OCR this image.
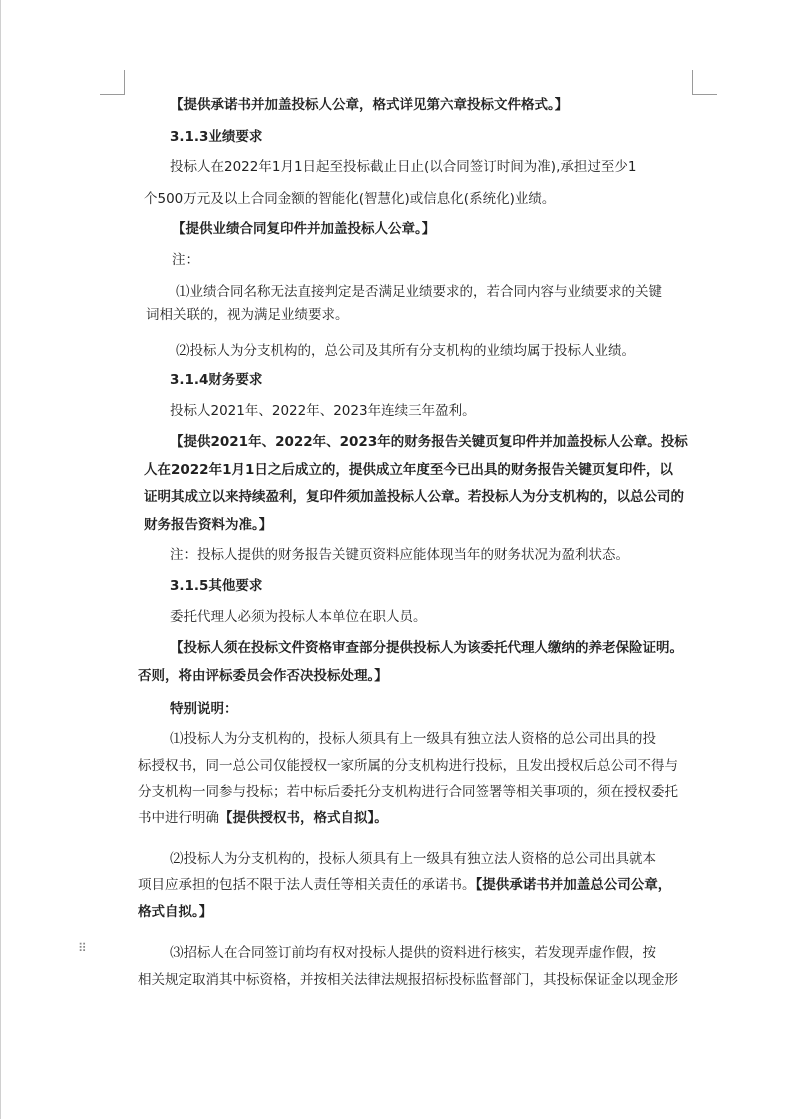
⠿
【提供承诺书并加盖投标人公章，格式详见第六章投标文件格式。】
3.1.3业绩要求
投标人在2022年1月1日起至投标截止日止(以合同签订时间为准),承担过至少1
个500万元及以上合同金额的智能化(智慧化)或信息化(系统化)业绩。
【提供业绩合同复印件并加盖投标人公章。】
注：
⑴业绩合同名称无法直接判定是否满足业绩要求的，若合同内容与业绩要求的关键
词相关联的，视为满足业绩要求。
⑵投标人为分支机构的，总公司及其所有分支机构的业绩均属于投标人业绩。
3.1.4财务要求
投标人2021年、2022年、2023年连续三年盈利。
【提供2021年、2022年、2023年的财务报告关键页复印件并加盖投标人公章。投标
人在2022年1月1日之后成立的，提供成立年度至今已出具的财务报告关键页复印件，以
证明其成立以来持续盈利，复印件须加盖投标人公章。若投标人为分支机构的，以总公司的
财务报告资料为准。】
注：投标人提供的财务报告关键页资料应能体现当年的财务状况为盈利状态。
3.1.5其他要求
委托代理人必须为投标人本单位在职人员。
【投标人须在投标文件资格审查部分提供投标人为该委托代理人缴纳的养老保险证明。
否则，将由评标委员会作否决投标处理。】
特别说明：
⑴投标人为分支机构的，投标人须具有上一级具有独立法人资格的总公司出具的投
标授权书，同一总公司仅能授权一家所属的分支机构进行投标，且发出授权后总公司不得与
分支机构一同参与投标；若中标后委托分支机构进行合同签署等相关事项的，须在授权委托
书中进行明确【提供授权书，格式自拟】。
⑵投标人为分支机构的，投标人须具有上一级具有独立法人资格的总公司出具就本
项目应承担的包括不限于法人责任等相关责任的承诺书。【提供承诺书并加盖总公司公章，
格式自拟。】
⑶招标人在合同签订前均有权对投标人提供的资料进行核实，若发现弄虚作假，按
相关规定取消其中标资格，并按相关法律法规报招标投标监督部门，其投标保证金以现金形
